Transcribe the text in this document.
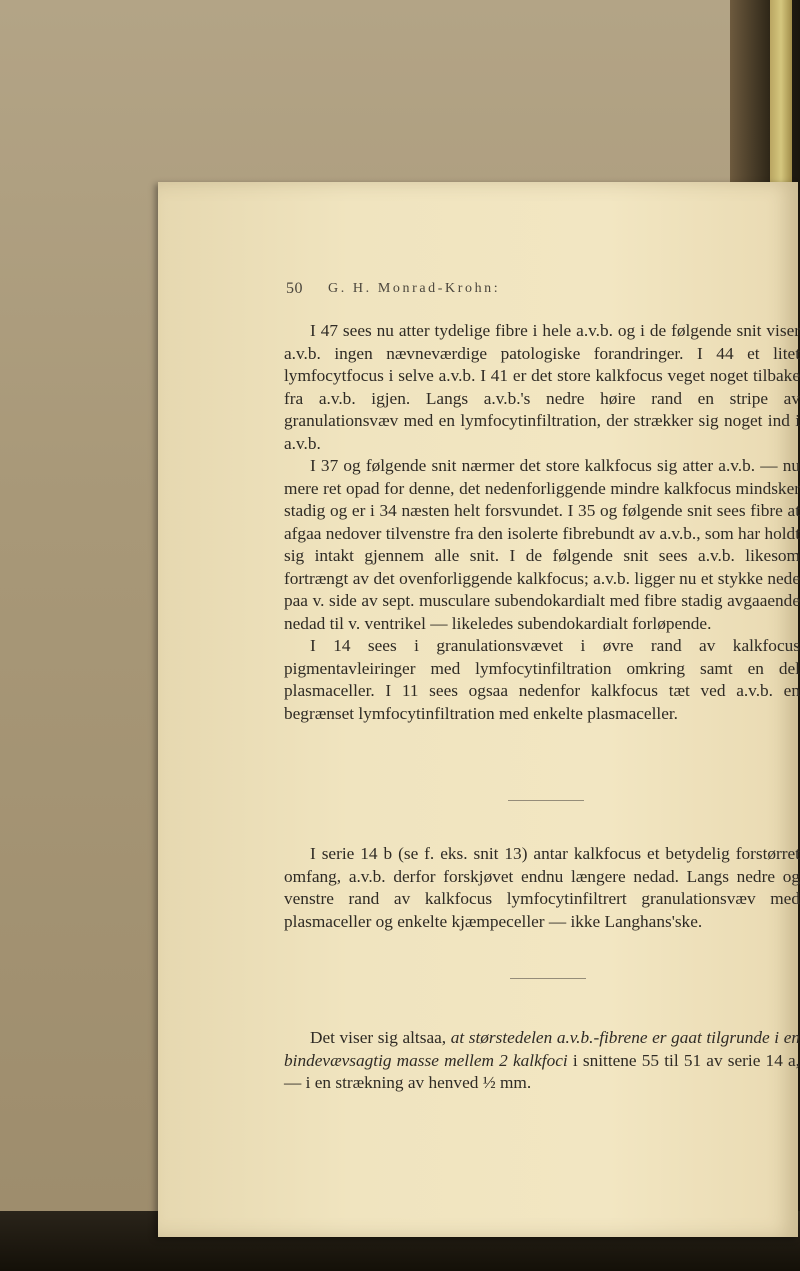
50 G. H. Monrad-Krohn:

I 47 sees nu atter tydelige fibre i hele a.v.b. og i de følgende snit viser a.v.b. ingen nævneværdige patologiske forandringer. I 44 et litet lymfocytfocus i selve a.v.b. I 41 er det store kalkfocus veget noget tilbake fra a.v.b. igjen. Langs a.v.b.'s nedre høire rand en stripe av granulationsvæv med en lymfocytinfiltration, der strækker sig noget ind i a.v.b.

I 37 og følgende snit nærmer det store kalkfocus sig atter a.v.b. — nu mere ret opad for denne, det nedenforliggende mindre kalkfocus mindsker stadig og er i 34 næsten helt forsvundet. I 35 og følgende snit sees fibre at afgaa nedover tilvenstre fra den isolerte fibrebundt av a.v.b., som har holdt sig intakt gjennem alle snit. I de følgende snit sees a.v.b. likesom fortrængt av det ovenforliggende kalkfocus; a.v.b. ligger nu et stykke nede paa v. side av sept. musculare subendokardialt med fibre stadig avgaaende nedad til v. ventrikel — likeledes subendokardialt forløpende.

I 14 sees i granulationsvævet i øvre rand av kalkfocus pigmentavleiringer med lymfocytinfiltration omkring samt en del plasmaceller. I 11 sees ogsaa nedenfor kalkfocus tæt ved a.v.b. en begrænset lymfocytinfiltration med enkelte plasmaceller.

I serie 14 b (se f. eks. snit 13) antar kalkfocus et betydelig forstørret omfang, a.v.b. derfor forskjøvet endnu længere nedad. Langs nedre og venstre rand av kalkfocus lymfocytinfiltrert granulationsvæv med plasmaceller og enkelte kjæmpeceller — ikke Langhans'ske.

Det viser sig altsaa, at størstedelen a.v.b.-fibrene er gaat tilgrunde i en bindevævsagtig masse mellem 2 kalkfoci i snittene 55 til 51 av serie 14 a, — i en strækning av henved ½ mm.
